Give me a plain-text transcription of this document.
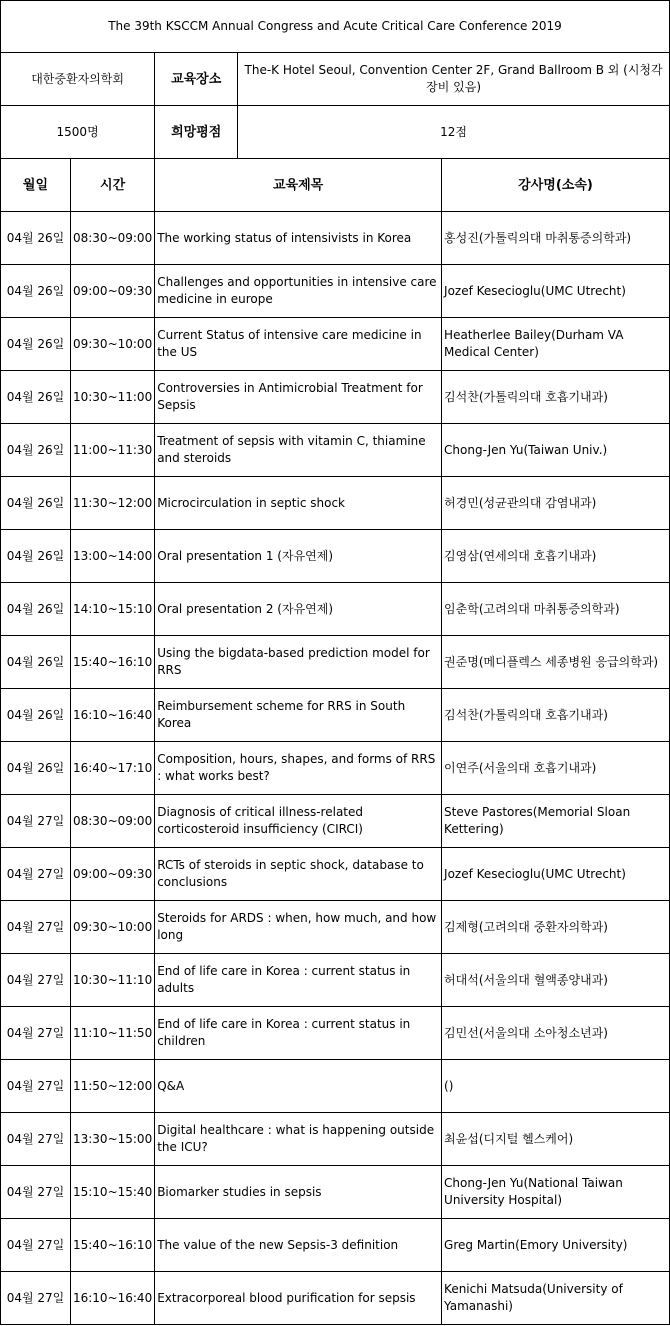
The 39th KSCCM Annual Congress and Acute Critical Care Conference 2019				
대한중환자의학회		교육장소	The-K Hotel Seoul, Convention Center 2F, Grand Ballroom B 외 (시청각 장비 있음)	
1500명		희망평점	12점	
월일	시간	교육제목		강사명(소속)
04월 26일	08:30~09:00	The working status of intensivists in Korea		홍성진(가톨릭의대 마취통증의학과)
04월 26일	09:00~09:30	Challenges and opportunities in intensive care medicine in europe		Jozef Kesecioglu(UMC Utrecht)
04월 26일	09:30~10:00	Current Status of intensive care medicine in the US		Heatherlee Bailey(Durham VA Medical Center)
04월 26일	10:30~11:00	Controversies in Antimicrobial Treatment for Sepsis		김석찬(가톨릭의대 호흡기내과)
04월 26일	11:00~11:30	Treatment of sepsis with vitamin C, thiamine and steroids		Chong-Jen Yu(Taiwan Univ.)
04월 26일	11:30~12:00	Microcirculation in septic shock		허경민(성균관의대 감염내과)
04월 26일	13:00~14:00	Oral presentation 1 (자유연제)		김영삼(연세의대 호흡기내과)
04월 26일	14:10~15:10	Oral presentation 2 (자유연제)		임춘학(고려의대 마취통증의학과)
04월 26일	15:40~16:10	Using the bigdata-based prediction model for RRS		권준명(메디플렉스 세종병원 응급의학과)
04월 26일	16:10~16:40	Reimbursement scheme for RRS in South Korea		김석찬(가톨릭의대 호흡기내과)
04월 26일	16:40~17:10	Composition, hours, shapes, and forms of RRS : what works best?		이연주(서울의대 호흡기내과)
04월 27일	08:30~09:00	Diagnosis of critical illness-related corticosteroid insufficiency (CIRCI)		Steve Pastores(Memorial Sloan Kettering)
04월 27일	09:00~09:30	RCTs of steroids in septic shock, database to conclusions		Jozef Kesecioglu(UMC Utrecht)
04월 27일	09:30~10:00	Steroids for ARDS : when, how much, and how long		김제형(고려의대 중환자의학과)
04월 27일	10:30~11:10	End of life care in Korea : current status in adults		허대석(서울의대 혈액종양내과)
04월 27일	11:10~11:50	End of life care in Korea : current status in children		김민선(서울의대 소아청소년과)
04월 27일	11:50~12:00	Q&A		()
04월 27일	13:30~15:00	Digital healthcare : what is happening outside the ICU?		최윤섭(디지털 헬스케어)
04월 27일	15:10~15:40	Biomarker studies in sepsis		Chong-Jen Yu(National Taiwan University Hospital)
04월 27일	15:40~16:10	The value of the new Sepsis-3 definition		Greg Martin(Emory University)
04월 27일	16:10~16:40	Extracorporeal blood purification for sepsis		Kenichi Matsuda(University of Yamanashi)
